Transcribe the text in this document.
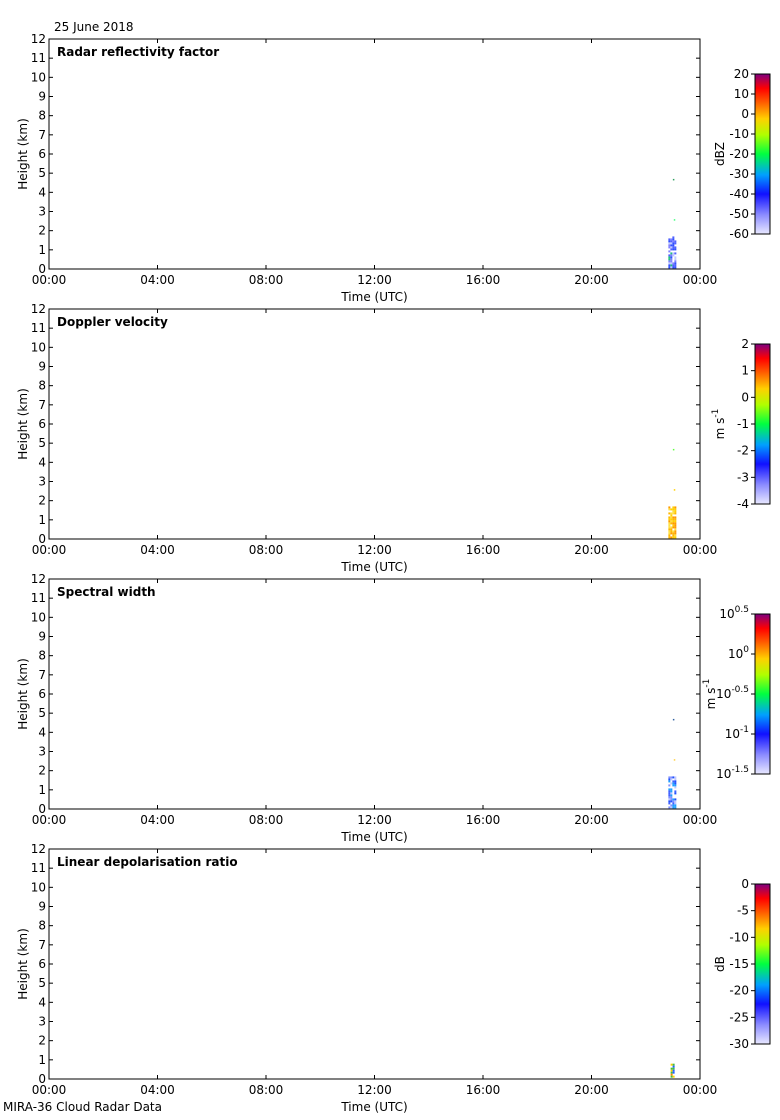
25 June 2018
MIRA-36 Cloud Radar Data
0
1
2
3
4
5
6
7
8
9
10
11
12
00:00	04:00	08:00	12:00	16:00	20:00	00:00
Time (UTC)
Height (km)
Radar reflectivity factor
20
10
0
-10
-20
-30
-40
-50
-60
dBZ
0
1
2
3
4
5
6
7
8
9
10
11
12
00:00	04:00	08:00	12:00	16:00	20:00	00:00
Time (UTC)
Height (km)
Doppler velocity
2
1
0
-1
-2
-3
-4
m $s^{-1}$
0
1
2
3
4
5
6
7
8
9
10
11
12
00:00	04:00	08:00	12:00	16:00	20:00	00:00
Time (UTC)
Height (km)
Spectral width
$10^{0.5}$
$10^0$
$10^{-0.5}$
$10^{-1}$
$10^{-1.5}$
m $s^{-1}$
0
1
2
3
4
5
6
7
8
9
10
11
12
00:00	04:00	08:00	12:00	16:00	20:00	00:00
Time (UTC)
Height (km)
Linear depolarisation ratio
0
-5
-10
-15
-20
-25
-30
dB
